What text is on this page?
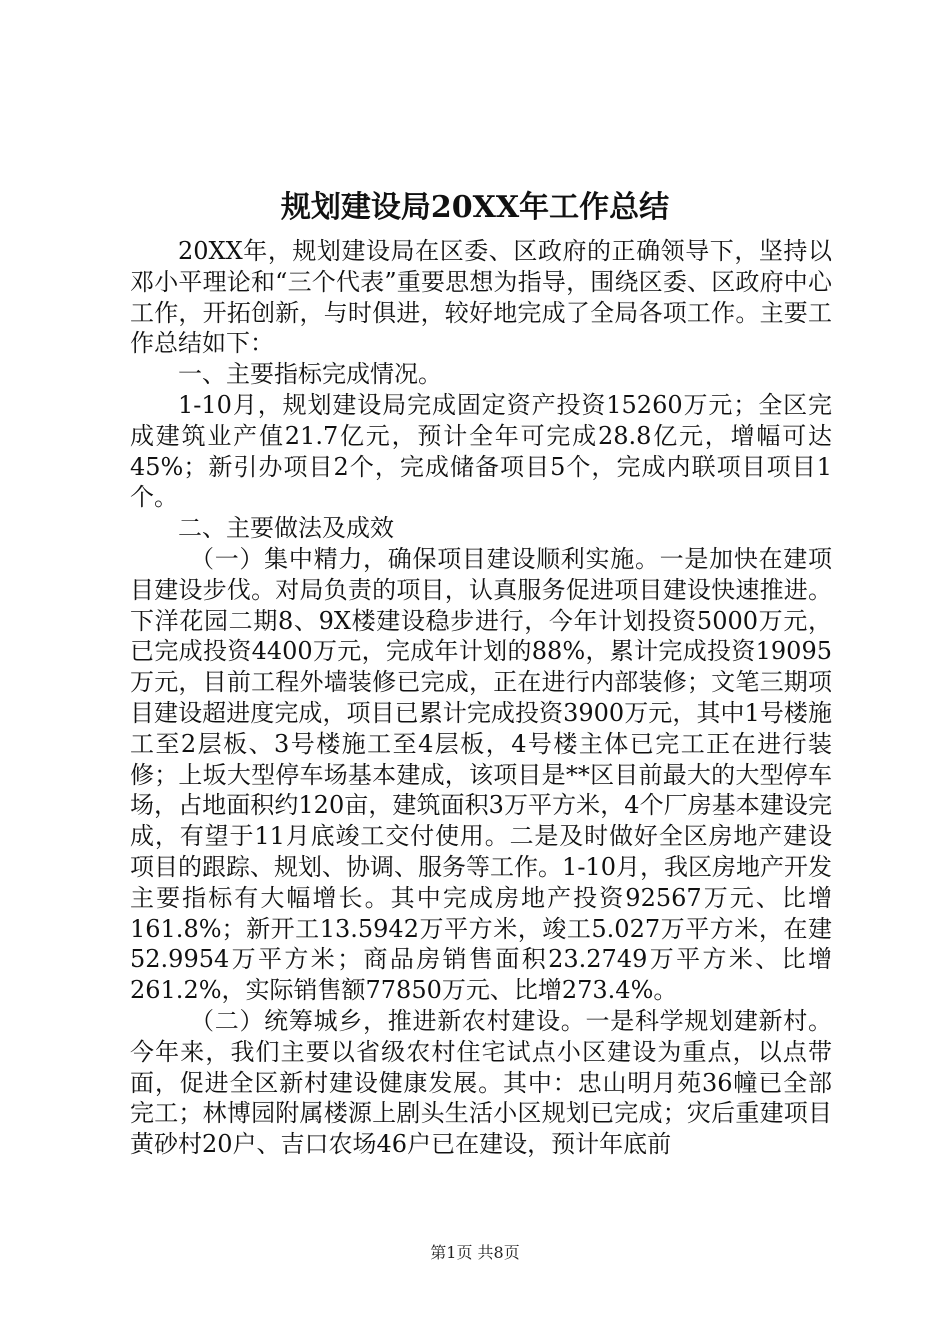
规划建设局20XX年工作总结

20XX年，规划建设局在区委、区政府的正确领导下，坚持以邓小平理论和“三个代表”重要思想为指导，围绕区委、区政府中心工作，开拓创新，与时俱进，较好地完成了全局各项工作。主要工作总结如下：

一、主要指标完成情况。

1-10月，规划建设局完成固定资产投资15260万元；全区完成建筑业产值21.7亿元，预计全年可完成28.8亿元，增幅可达45%；新引办项目2个，完成储备项目5个，完成内联项目项目1个。

二、主要做法及成效

（一）集中精力，确保项目建设顺利实施。一是加快在建项目建设步伐。对局负责的项目，认真服务促进项目建设快速推进。下洋花园二期8、9X楼建设稳步进行，今年计划投资5000万元，已完成投资4400万元，完成年计划的88%，累计完成投资19095万元，目前工程外墙装修已完成，正在进行内部装修；文笔三期项目建设超进度完成，项目已累计完成投资3900万元，其中1号楼施工至2层板、3号楼施工至4层板，4号楼主体已完工正在进行装修；上坂大型停车场基本建成，该项目是**区目前最大的大型停车场，占地面积约120亩，建筑面积3万平方米，4个厂房基本建设完成，有望于11月底竣工交付使用。二是及时做好全区房地产建设项目的跟踪、规划、协调、服务等工作。1-10月，我区房地产开发主要指标有大幅增长。其中完成房地产投资92567万元、比增161.8%；新开工13.5942万平方米，竣工5.027万平方米，在建52.9954万平方米；商品房销售面积23.2749万平方米、比增261.2%，实际销售额77850万元、比增273.4%。

（二）统筹城乡，推进新农村建设。一是科学规划建新村。今年来，我们主要以省级农村住宅试点小区建设为重点，以点带面，促进全区新村建设健康发展。其中：忠山明月苑36幢已全部完工；林博园附属楼源上剧头生活小区规划已完成；灾后重建项目黄砂村20户、吉口农场46户已在建设，预计年底前

第1页 共8页
